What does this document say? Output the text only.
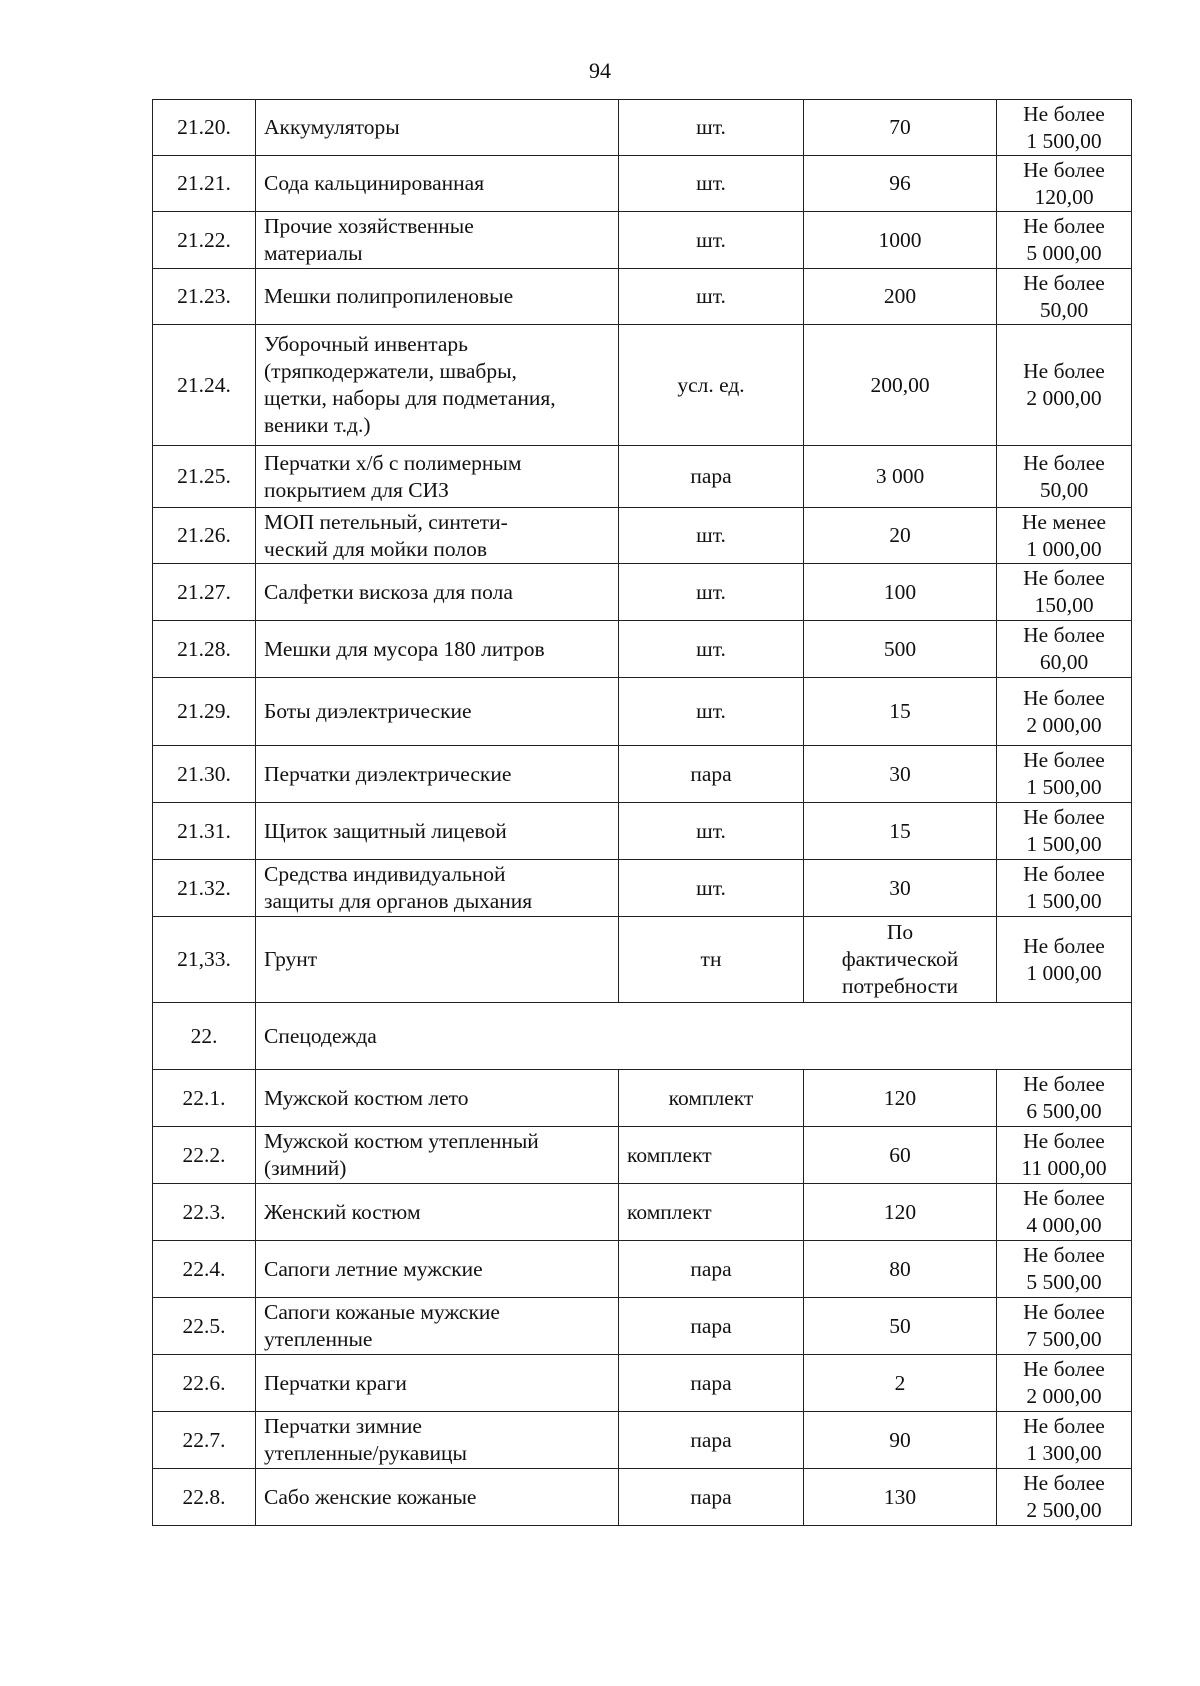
94
21.20.	Аккумуляторы	шт.	70	Не более
1 500,00
21.21.	Сода кальцинированная	шт.	96	Не более
120,00
21.22.	Прочие хозяйственные
материалы	шт.	1000	Не более
5 000,00
21.23.	Мешки полипропиленовые	шт.	200	Не более
50,00
21.24.	Уборочный инвентарь
(тряпкодержатели, швабры,
щетки, наборы для подметания,
веники т.д.)	усл. ед.	200,00	Не более
2 000,00
21.25.	Перчатки х/б с полимерным
покрытием для СИЗ	пара	3 000	Не более
50,00
21.26.	МОП петельный, синтети-
ческий для мойки полов	шт.	20	Не менее
1 000,00
21.27.	Салфетки вискоза для пола	шт.	100	Не более
150,00
21.28.	Мешки для мусора 180 литров	шт.	500	Не более
60,00
21.29.	Боты диэлектрические	шт.	15	Не более
2 000,00
21.30.	Перчатки диэлектрические	пара	30	Не более
1 500,00
21.31.	Щиток защитный лицевой	шт.	15	Не более
1 500,00
21.32.	Средства индивидуальной
защиты для органов дыхания	шт.	30	Не более
1 500,00
21,33.	Грунт	тн	По
фактической
потребности	Не более
1 000,00
22.	Спецодежда			
22.1.	Мужской костюм лето	комплект	120	Не более
6 500,00
22.2.	Мужской костюм утепленный
(зимний)	комплект	60	Не более
11 000,00
22.3.	Женский костюм	комплект	120	Не более
4 000,00
22.4.	Сапоги летние мужские	пара	80	Не более
5 500,00
22.5.	Сапоги кожаные мужские
утепленные	пара	50	Не более
7 500,00
22.6.	Перчатки краги	пара	2	Не более
2 000,00
22.7.	Перчатки зимние
утепленные/рукавицы	пара	90	Не более
1 300,00
22.8.	Сабо женские кожаные	пара	130	Не более
2 500,00
